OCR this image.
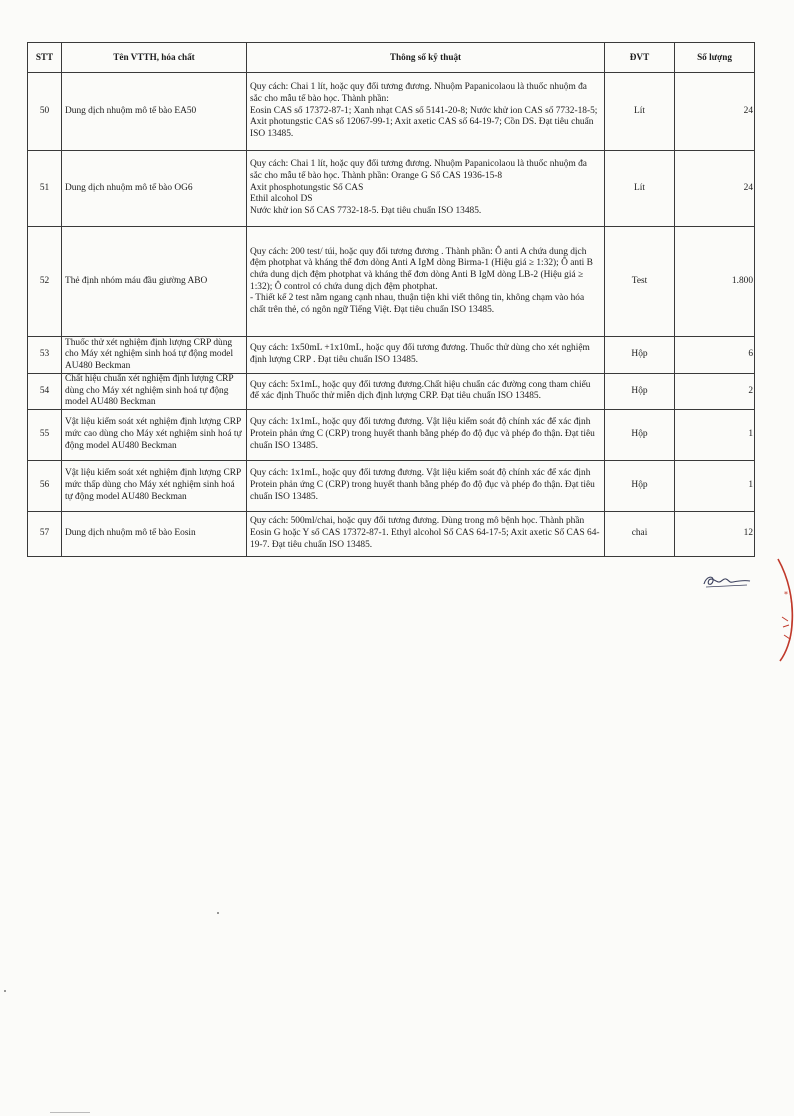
STT	Tên VTTH, hóa chất	Thông số kỹ thuật	ĐVT	Số lượng
50	Dung dịch nhuộm mô tế bào EA50	Quy cách: Chai 1 lít, hoặc quy đổi tương đương. Nhuộm Papanicolaou là thuốc nhuộm đa sắc cho mẫu tế bào học. Thành phần:
Eosin CAS số 17372-87-1; Xanh nhạt CAS số 5141-20-8; Nước khử ion CAS số 7732-18-5;
Axit photungstic CAS số 12067-99-1; Axit axetic CAS số 64-19-7; Cồn DS. Đạt tiêu chuẩn ISO 13485.	Lít	24
51	Dung dịch nhuộm mô tế bào OG6	Quy cách: Chai 1 lít, hoặc quy đổi tương đương. Nhuộm Papanicolaou là thuốc nhuộm đa sắc cho mẫu tế bào học. Thành phần: Orange G Số CAS 1936-15-8
Axit phosphotungstic Số CAS
Ethil alcohol DS
Nước khử ion Số CAS 7732-18-5. Đạt tiêu chuẩn ISO 13485.	Lít	24
52	Thẻ định nhóm máu đầu giường ABO	Quy cách: 200 test/ túi, hoặc quy đổi tương đương . Thành phần: Ô anti A chứa dung dịch đệm photphat và kháng thể đơn dòng Anti A IgM dòng Birma-1 (Hiệu giá ≥ 1:32); Ô anti B chứa dung dịch đệm photphat và kháng thể đơn dòng Anti B IgM dòng LB-2 (Hiệu giá ≥ 1:32); Ô control có chứa dung dịch đệm photphat.
- Thiết kế 2 test nằm ngang cạnh nhau, thuận tiện khi viết thông tin, không chạm vào hóa chất trên thẻ, có ngôn ngữ Tiếng Việt. Đạt tiêu chuẩn ISO 13485.	Test	1.800
53	Thuốc thử xét nghiệm định lượng CRP dùng cho Máy xét nghiệm sinh hoá tự động model AU480 Beckman	Quy cách: 1x50mL +1x10mL, hoặc quy đổi tương đương. Thuốc thử dùng cho xét nghiệm định lượng CRP . Đạt tiêu chuẩn ISO 13485.	Hộp	6
54	Chất hiệu chuẩn xét nghiệm định lượng CRP dùng cho Máy xét nghiệm sinh hoá tự động model AU480 Beckman	Quy cách: 5x1mL, hoặc quy đổi tương đương.Chất hiệu chuẩn các đường cong tham chiếu để xác định Thuốc thử miễn dịch định lượng CRP. Đạt tiêu chuẩn ISO 13485.	Hộp	2
55	Vật liệu kiểm soát xét nghiệm định lượng CRP mức cao dùng cho Máy xét nghiệm sinh hoá tự động model AU480 Beckman	Quy cách: 1x1mL, hoặc quy đổi tương đương. Vật liệu kiểm soát độ chính xác để xác định Protein phản ứng C (CRP) trong huyết thanh bằng phép đo độ đục và phép đo thận. Đạt tiêu chuẩn ISO 13485.	Hộp	1
56	Vật liệu kiểm soát xét nghiệm định lượng CRP mức thấp dùng cho Máy xét nghiệm sinh hoá tự động model AU480 Beckman	Quy cách: 1x1mL, hoặc quy đổi tương đương. Vật liệu kiểm soát độ chính xác để xác định Protein phản ứng C (CRP) trong huyết thanh bằng phép đo độ đục và phép đo thận. Đạt tiêu chuẩn ISO 13485.	Hộp	1
57	Dung dịch nhuộm mô tế bào Eosin	Quy cách: 500ml/chai, hoặc quy đổi tương đương. Dùng trong mô bệnh học. Thành phần Eosin G hoặc Y số CAS 17372-87-1. Ethyl alcohol Số CAS 64-17-5; Axit axetic Số CAS 64-19-7. Đạt tiêu chuẩn ISO 13485.	chai	12
*
